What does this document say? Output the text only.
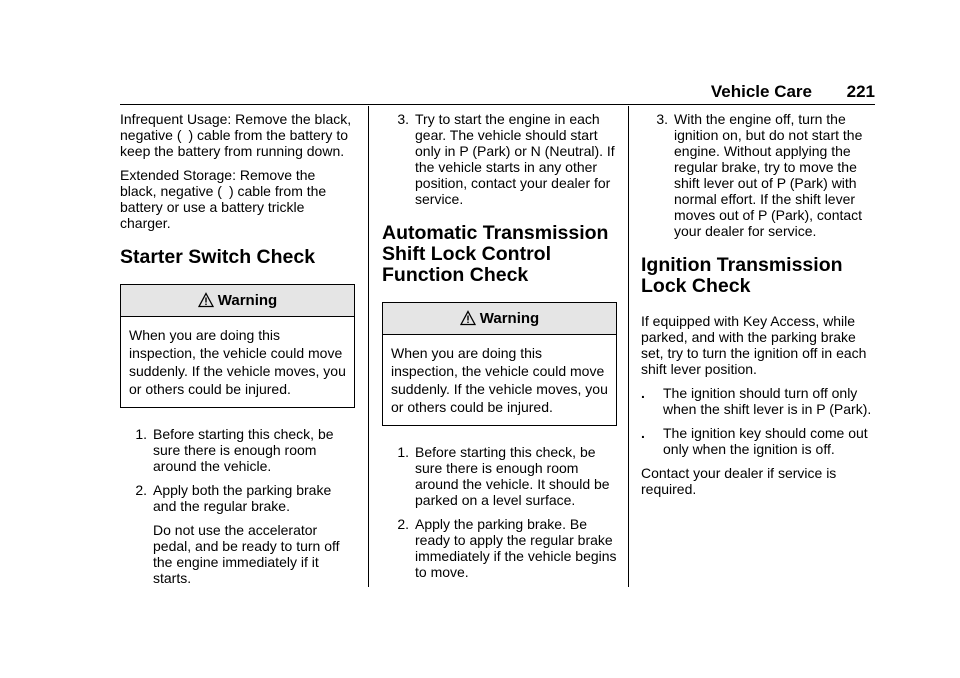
Vehicle Care 221

Infrequent Usage: Remove the black, negative ( ) cable from the battery to keep the battery from running down.

Extended Storage: Remove the black, negative ( ) cable from the battery or use a battery trickle charger.

Starter Switch Check
Warning
When you are doing this inspection, the vehicle could move suddenly. If the vehicle moves, you or others could be injured.
1. Before starting this check, be sure there is enough room around the vehicle.
2. Apply both the parking brake and the regular brake.

Do not use the accelerator pedal, and be ready to turn off the engine immediately if it starts.

3. Try to start the engine in each gear. The vehicle should start only in P (Park) or N (Neutral). If the vehicle starts in any other position, contact your dealer for service.
Automatic Transmission Shift Lock Control Function Check
Warning
When you are doing this inspection, the vehicle could move suddenly. If the vehicle moves, you or others could be injured.
1. Before starting this check, be sure there is enough room around the vehicle. It should be parked on a level surface.
2. Apply the parking brake. Be ready to apply the regular brake immediately if the vehicle begins to move.
3. With the engine off, turn the ignition on, but do not start the engine. Without applying the regular brake, try to move the shift lever out of P (Park) with normal effort. If the shift lever moves out of P (Park), contact your dealer for service.
Ignition Transmission Lock Check

If equipped with Key Access, while parked, and with the parking brake set, try to turn the ignition off in each shift lever position.

.	The ignition should turn off only when the shift lever is in P (Park).
.	The ignition key should come out only when the ignition is off.

Contact your dealer if service is required.
